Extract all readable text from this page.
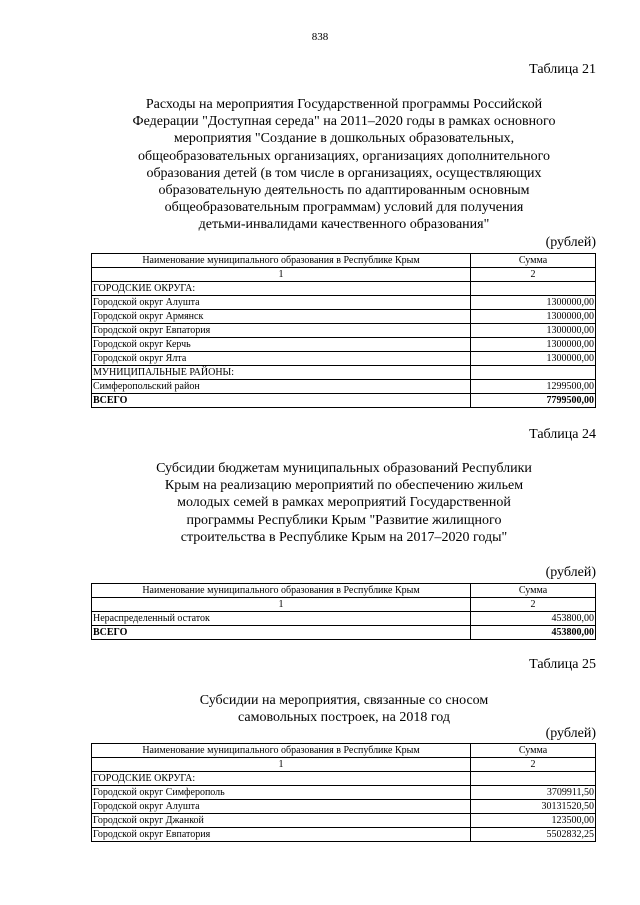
838
Таблица 21
Расходы на мероприятия Государственной программы Российской
Федерации "Доступная середа" на 2011–2020 годы в рамках основного
мероприятия "Создание в дошкольных образовательных,
общеобразовательных организациях, организациях дополнительного
образования детей (в том числе в организациях, осуществляющих
образовательную деятельность по адаптированным основным
общеобразовательным программам) условий для получения
детьми-инвалидами качественного образования"
(рублей)
Наименование муниципального образования в Республике Крым	Сумма
1	2
ГОРОДСКИЕ ОКРУГА:	
Городской округ Алушта	1300000,00
Городской округ Армянск	1300000,00
Городской округ Евпатория	1300000,00
Городской округ Керчь	1300000,00
Городской округ Ялта	1300000,00
МУНИЦИПАЛЬНЫЕ РАЙОНЫ:	
Симферопольский район	1299500,00
ВСЕГО	7799500,00
Таблица 24
Субсидии бюджетам муниципальных образований Республики
Крым на реализацию мероприятий по обеспечению жильем
молодых семей в рамках мероприятий Государственной
программы Республики Крым "Развитие жилищного
строительства в Республике Крым на 2017–2020 годы"
(рублей)
Наименование муниципального образования в Республике Крым	Сумма
1	2
Нераспределенный остаток	453800,00
ВСЕГО	453800,00
Таблица 25
Субсидии на мероприятия, связанные со сносом
самовольных построек, на 2018 год
(рублей)
Наименование муниципального образования в Республике Крым	Сумма
1	2
ГОРОДСКИЕ ОКРУГА:	
Городской округ Симферополь	3709911,50
Городской округ Алушта	30131520,50
Городской округ Джанкой	123500,00
Городской округ Евпатория	5502832,25
